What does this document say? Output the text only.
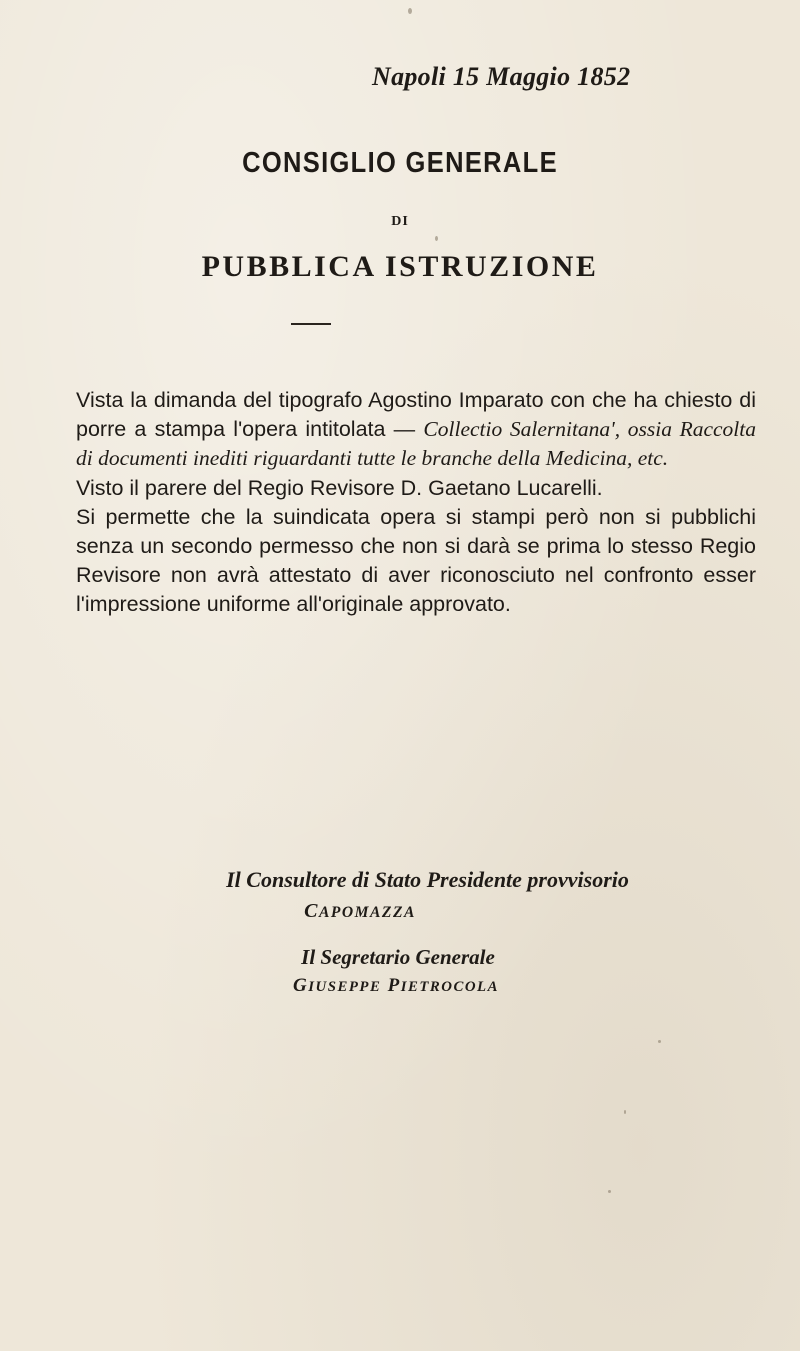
Napoli 15 Maggio 1852
CONSIGLIO GENERALE
DI
PUBBLICA ISTRUZIONE

Vista la dimanda del tipografo Agostino Imparato con che ha chiesto di porre a stampa l'opera intitolata — Collectio Salernitana', ossia Raccolta di documenti inediti riguardanti tutte le branche della Medicina, etc.

Visto il parere del Regio Revisore D. Gaetano Lucarelli.

Si permette che la suindicata opera si stampi però non si pubblichi senza un secondo permesso che non si darà se prima lo stesso Regio Revisore non avrà attestato di aver riconosciuto nel confronto esser l'impressione uniforme all'originale approvato.

Il Consultore di Stato Presidente provvisorio
CAPOMAZZA
Il Segretario Generale
GIUSEPPE PIETROCOLA
